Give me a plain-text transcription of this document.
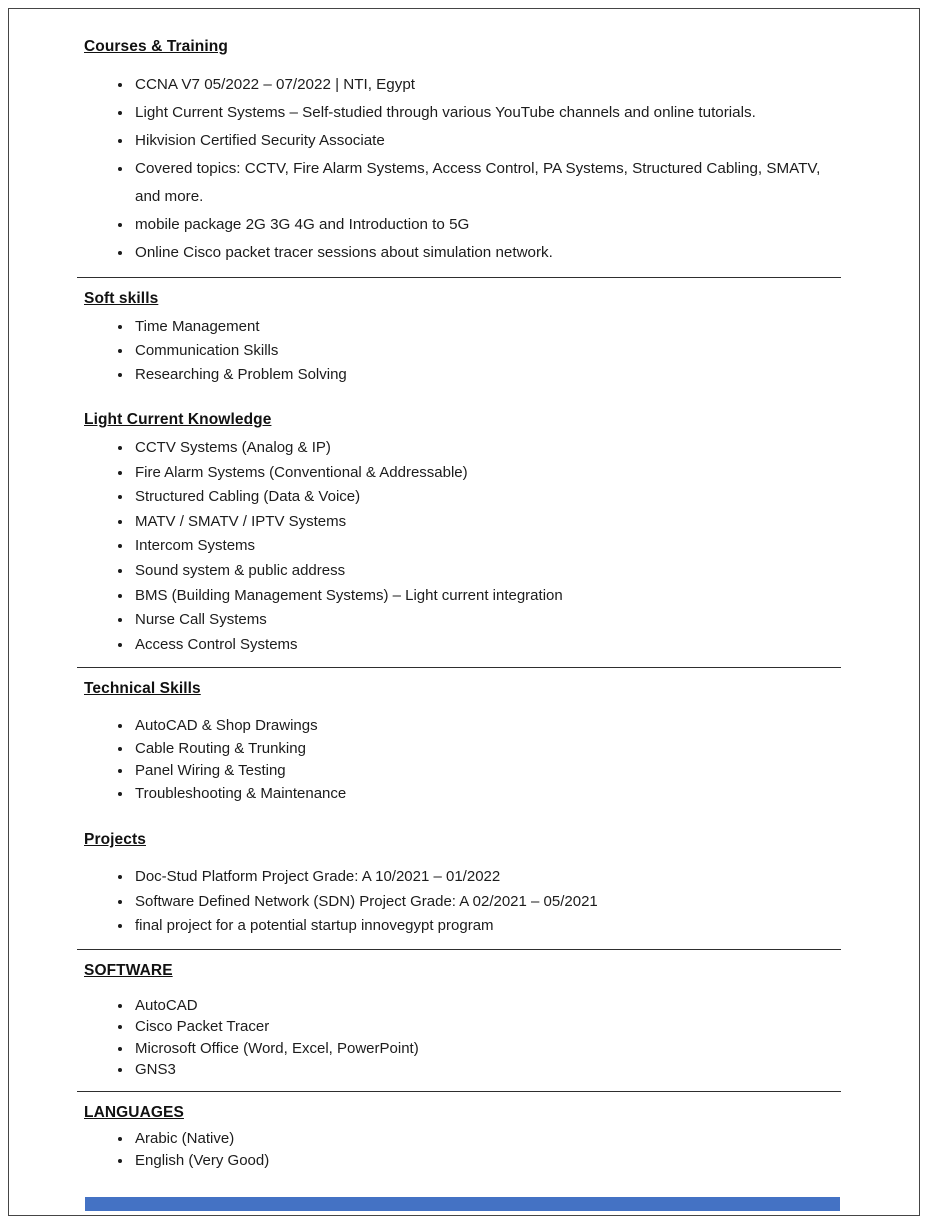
Courses & Training
• CCNA V7 05/2022 – 07/2022 | NTI, Egypt
• Light Current Systems – Self-studied through various YouTube channels and online tutorials.
• Hikvision Certified Security Associate
• Covered topics: CCTV, Fire Alarm Systems, Access Control, PA Systems, Structured Cabling, SMATV, and more.
• mobile package 2G 3G 4G and Introduction to 5G
• Online Cisco packet tracer sessions about simulation network.
Soft skills
• Time Management
• Communication Skills
• Researching & Problem Solving
Light Current Knowledge
• CCTV Systems (Analog & IP)
• Fire Alarm Systems (Conventional & Addressable)
• Structured Cabling (Data & Voice)
• MATV / SMATV / IPTV Systems
• Intercom Systems
• Sound system & public address
• BMS (Building Management Systems) – Light current integration
• Nurse Call Systems
• Access Control Systems
Technical Skills
• AutoCAD & Shop Drawings
• Cable Routing & Trunking
• Panel Wiring & Testing
• Troubleshooting & Maintenance
Projects
• Doc-Stud Platform Project Grade: A 10/2021 – 01/2022
• Software Defined Network (SDN) Project Grade: A 02/2021 – 05/2021
• final project for a potential startup innovegypt program
SOFTWARE
• AutoCAD
• Cisco Packet Tracer
• Microsoft Office (Word, Excel, PowerPoint)
• GNS3
LANGUAGES
• Arabic (Native)
• English (Very Good)
